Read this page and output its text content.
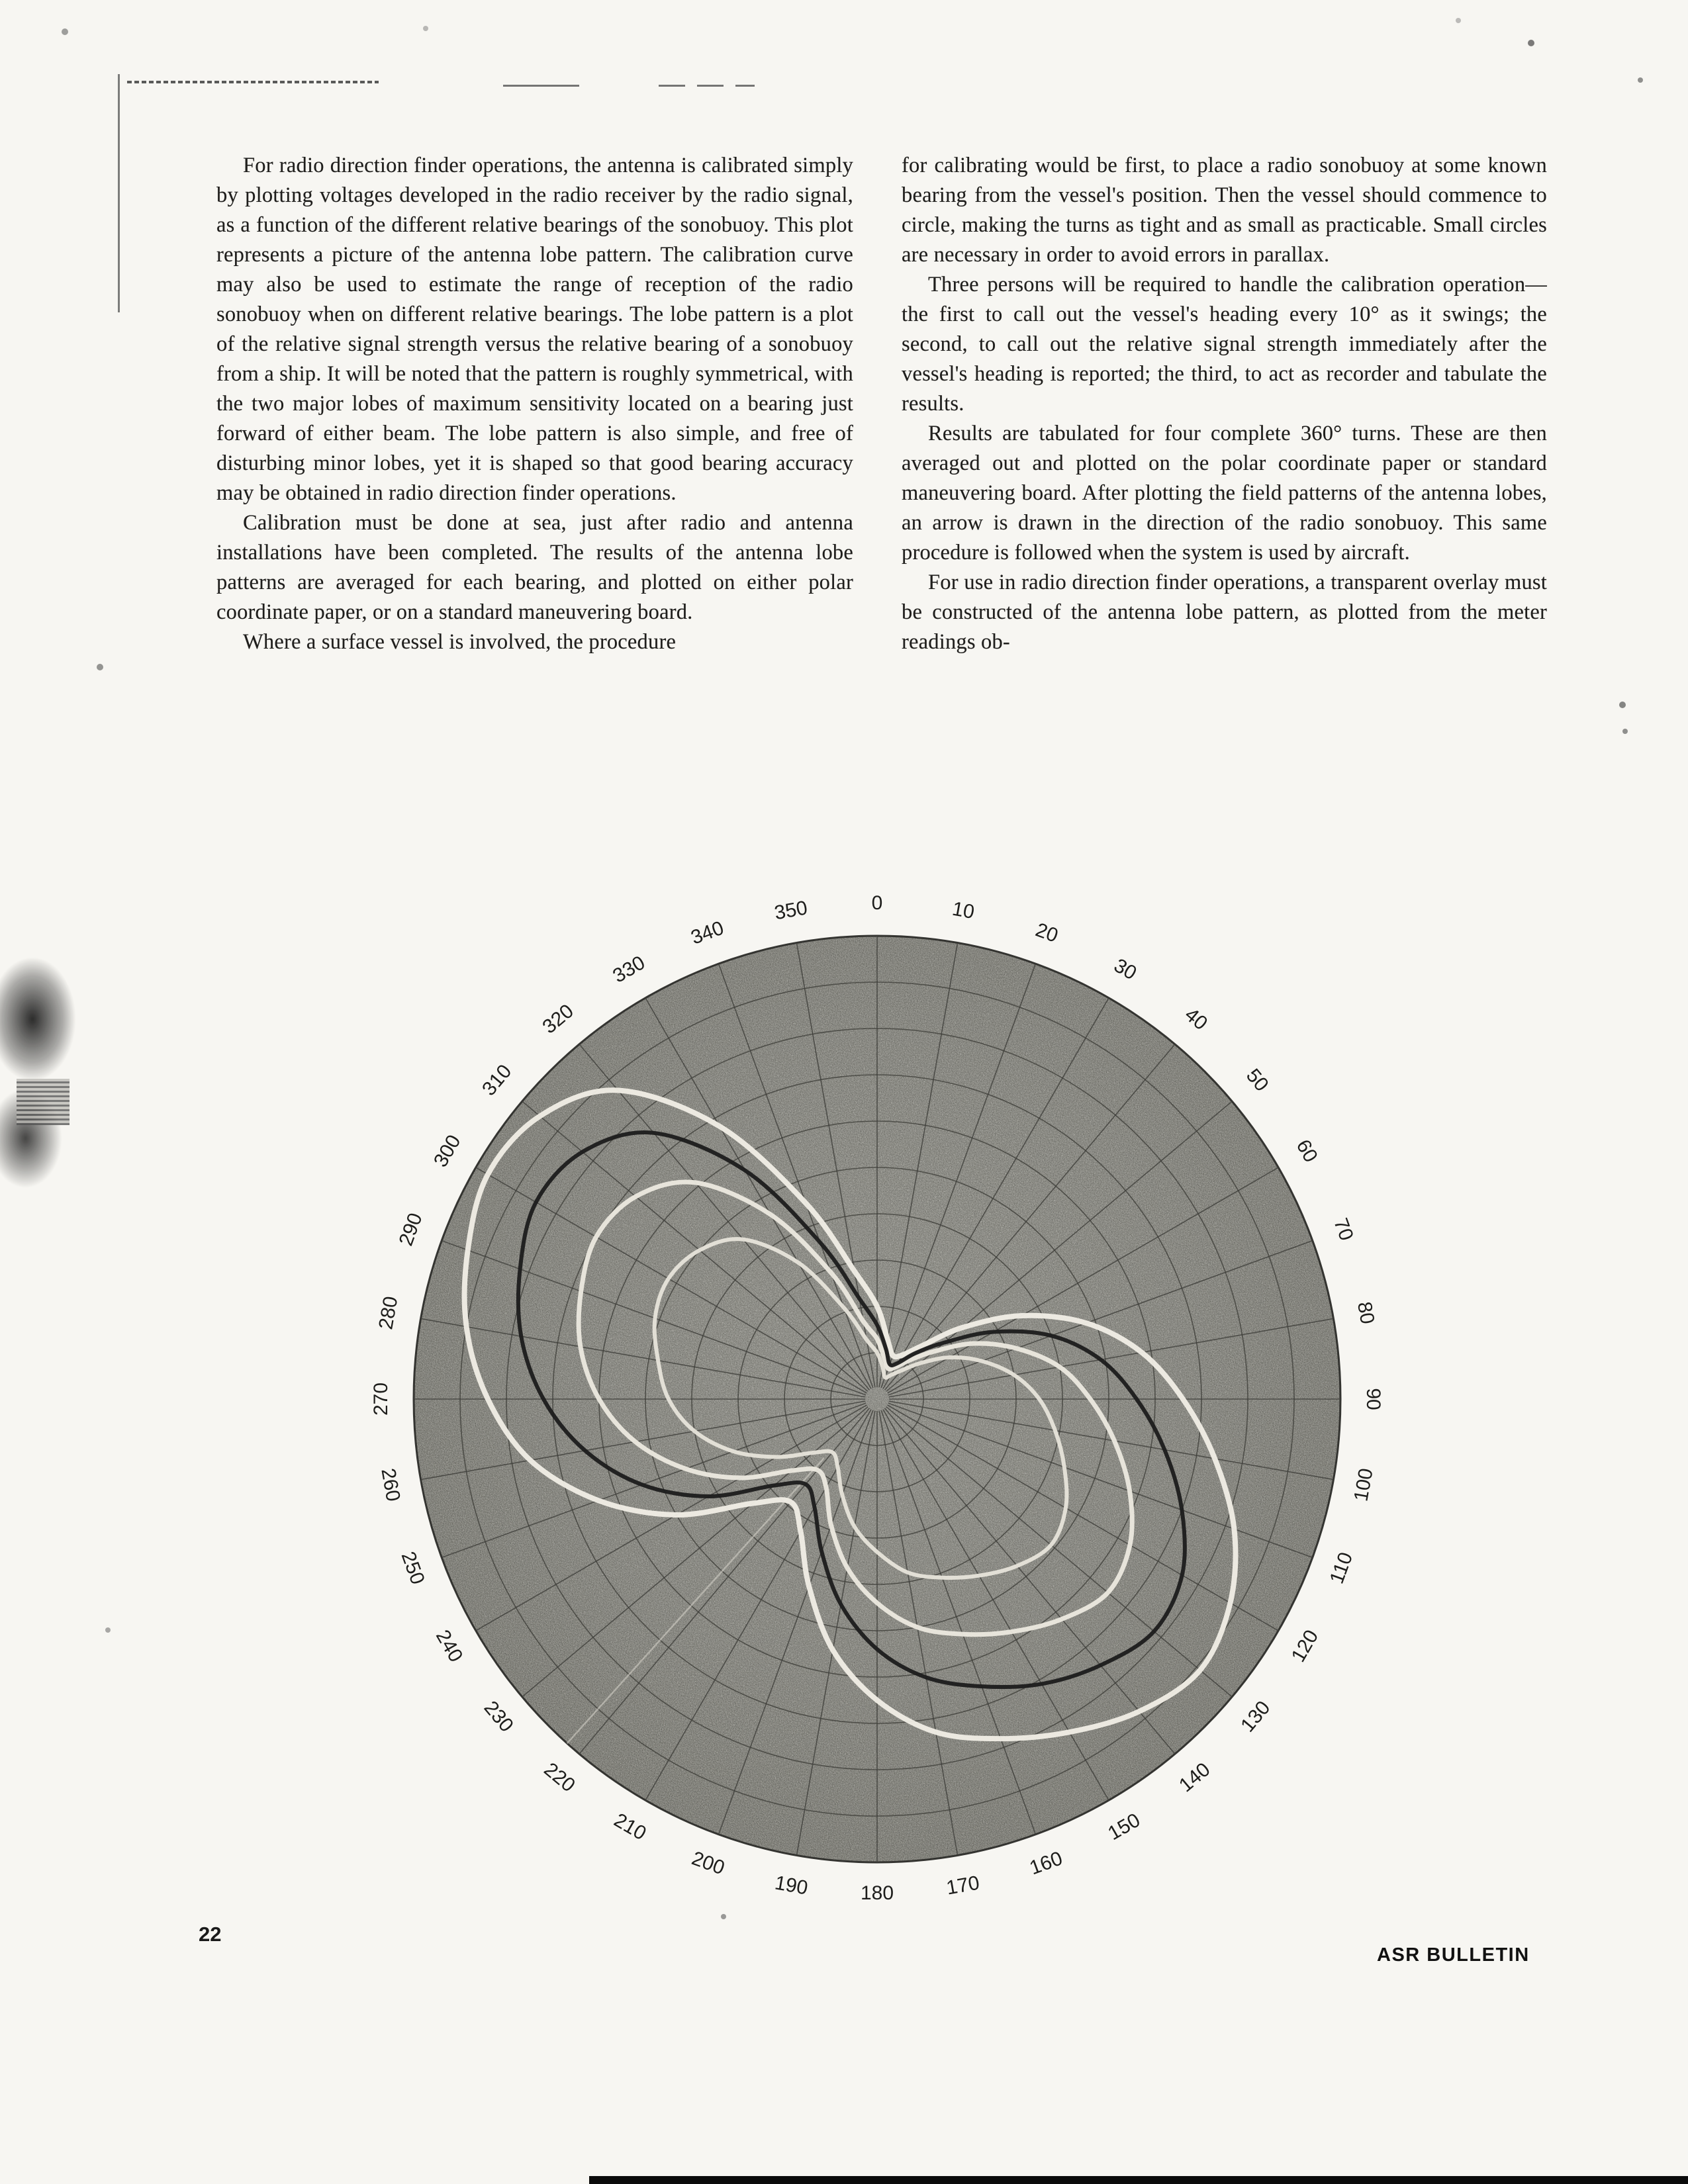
For radio direction finder operations, the antenna is calibrated simply by plotting voltages developed in the radio receiver by the radio signal, as a function of the different relative bearings of the sonobuoy. This plot represents a picture of the antenna lobe pattern. The calibration curve may also be used to estimate the range of reception of the radio sonobuoy when on different relative bearings. The lobe pattern is a plot of the relative signal strength versus the relative bearing of a sonobuoy from a ship. It will be noted that the pattern is roughly symmetrical, with the two major lobes of maximum sensitivity located on a bearing just forward of either beam. The lobe pattern is also simple, and free of disturbing minor lobes, yet it is shaped so that good bearing accuracy may be obtained in radio direction finder operations.

Calibration must be done at sea, just after radio and antenna installations have been completed. The results of the antenna lobe patterns are averaged for each bearing, and plotted on either polar coordinate paper, or on a standard maneuvering board.

Where a surface vessel is involved, the procedure

for calibrating would be first, to place a radio sonobuoy at some known bearing from the vessel's position. Then the vessel should commence to circle, making the turns as tight and as small as practicable. Small circles are necessary in order to avoid errors in parallax.

Three persons will be required to handle the calibration operation—the first to call out the vessel's heading every 10° as it swings; the second, to call out the relative signal strength immediately after the vessel's heading is reported; the third, to act as recorder and tabulate the results.

Results are tabulated for four complete 360° turns. These are then averaged out and plotted on the polar coordinate paper or standard maneuvering board. After plotting the field patterns of the antenna lobes, an arrow is drawn in the direction of the radio sonobuoy. This same procedure is followed when the system is used by aircraft.

For use in radio direction finder operations, a transparent overlay must be constructed of the antenna lobe pattern, as plotted from the meter readings ob-

0	10
20
30
40
50
60
70
80
90
100
110
120
130
140
150
160
170
180
190
200
210
220
230
240
250
260
270
280
290
300
310
320
330
340
350
22
ASR BULLETIN
